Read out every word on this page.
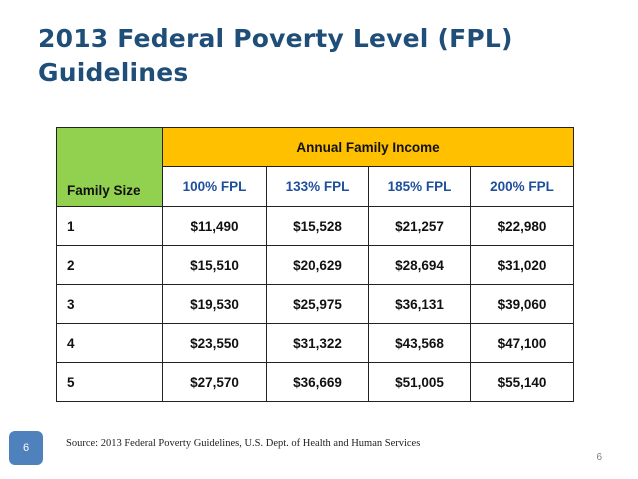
2013 Federal Poverty Level (FPL)
Guidelines
Family Size	Annual Family Income			
	100% FPL	133% FPL	185% FPL	200% FPL
1	$11,490	$15,528	$21,257	$22,980
2	$15,510	$20,629	$28,694	$31,020
3	$19,530	$25,975	$36,131	$39,060
4	$23,550	$31,322	$43,568	$47,100
5	$27,570	$36,669	$51,005	$55,140
6	Source: 2013 Federal Poverty Guidelines, U.S. Dept. of Health and Human Services
6
